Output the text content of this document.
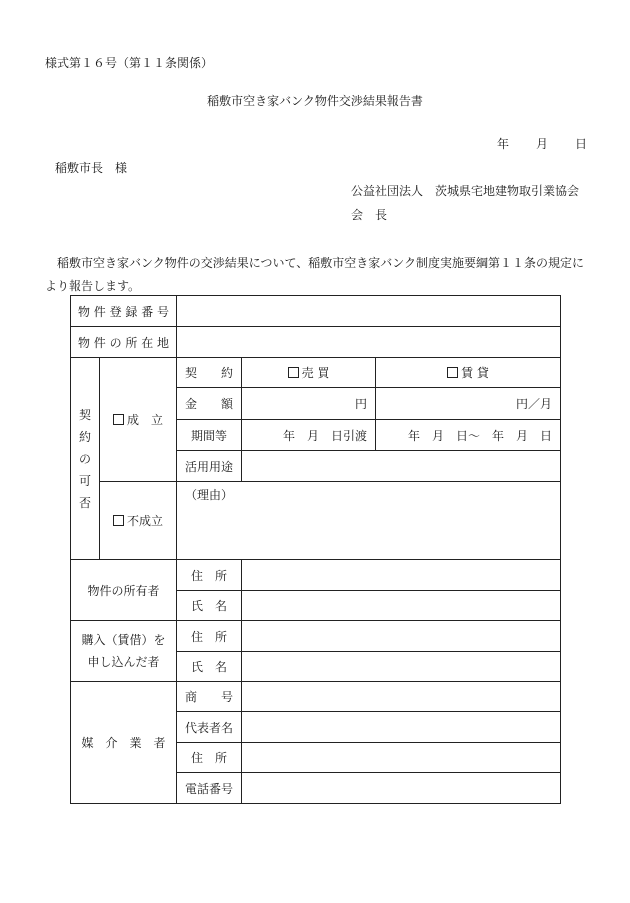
様式第１６号（第１１条関係）
稲敷市空き家バンク物件交渉結果報告書
年 月 日
稲敷市長　様
公益社団法人　茨城県宅地建物取引業協会
会　長
稲敷市空き家バンク物件の交渉結果について、稲敷市空き家バンク制度実施要綱第１１条の規定により報告します。
物 件 登 録 番 号				
物 件 の 所 在 地				

契
約
の
可
否	成　立	契　　約	売 買	賃 貸
		金　　額	円	円／月
		期間等	年　月　日引渡	年　月　日～　年　月　日
		活用用途		
	不成立	（理由）		
物件の所有者		住　所		
		氏　名		

購入（賃借）を
申し込んだ者		住　所		
		氏　名		
媒　介　業　者		商　　号		
		代表者名		
		住　所		
		電話番号		
